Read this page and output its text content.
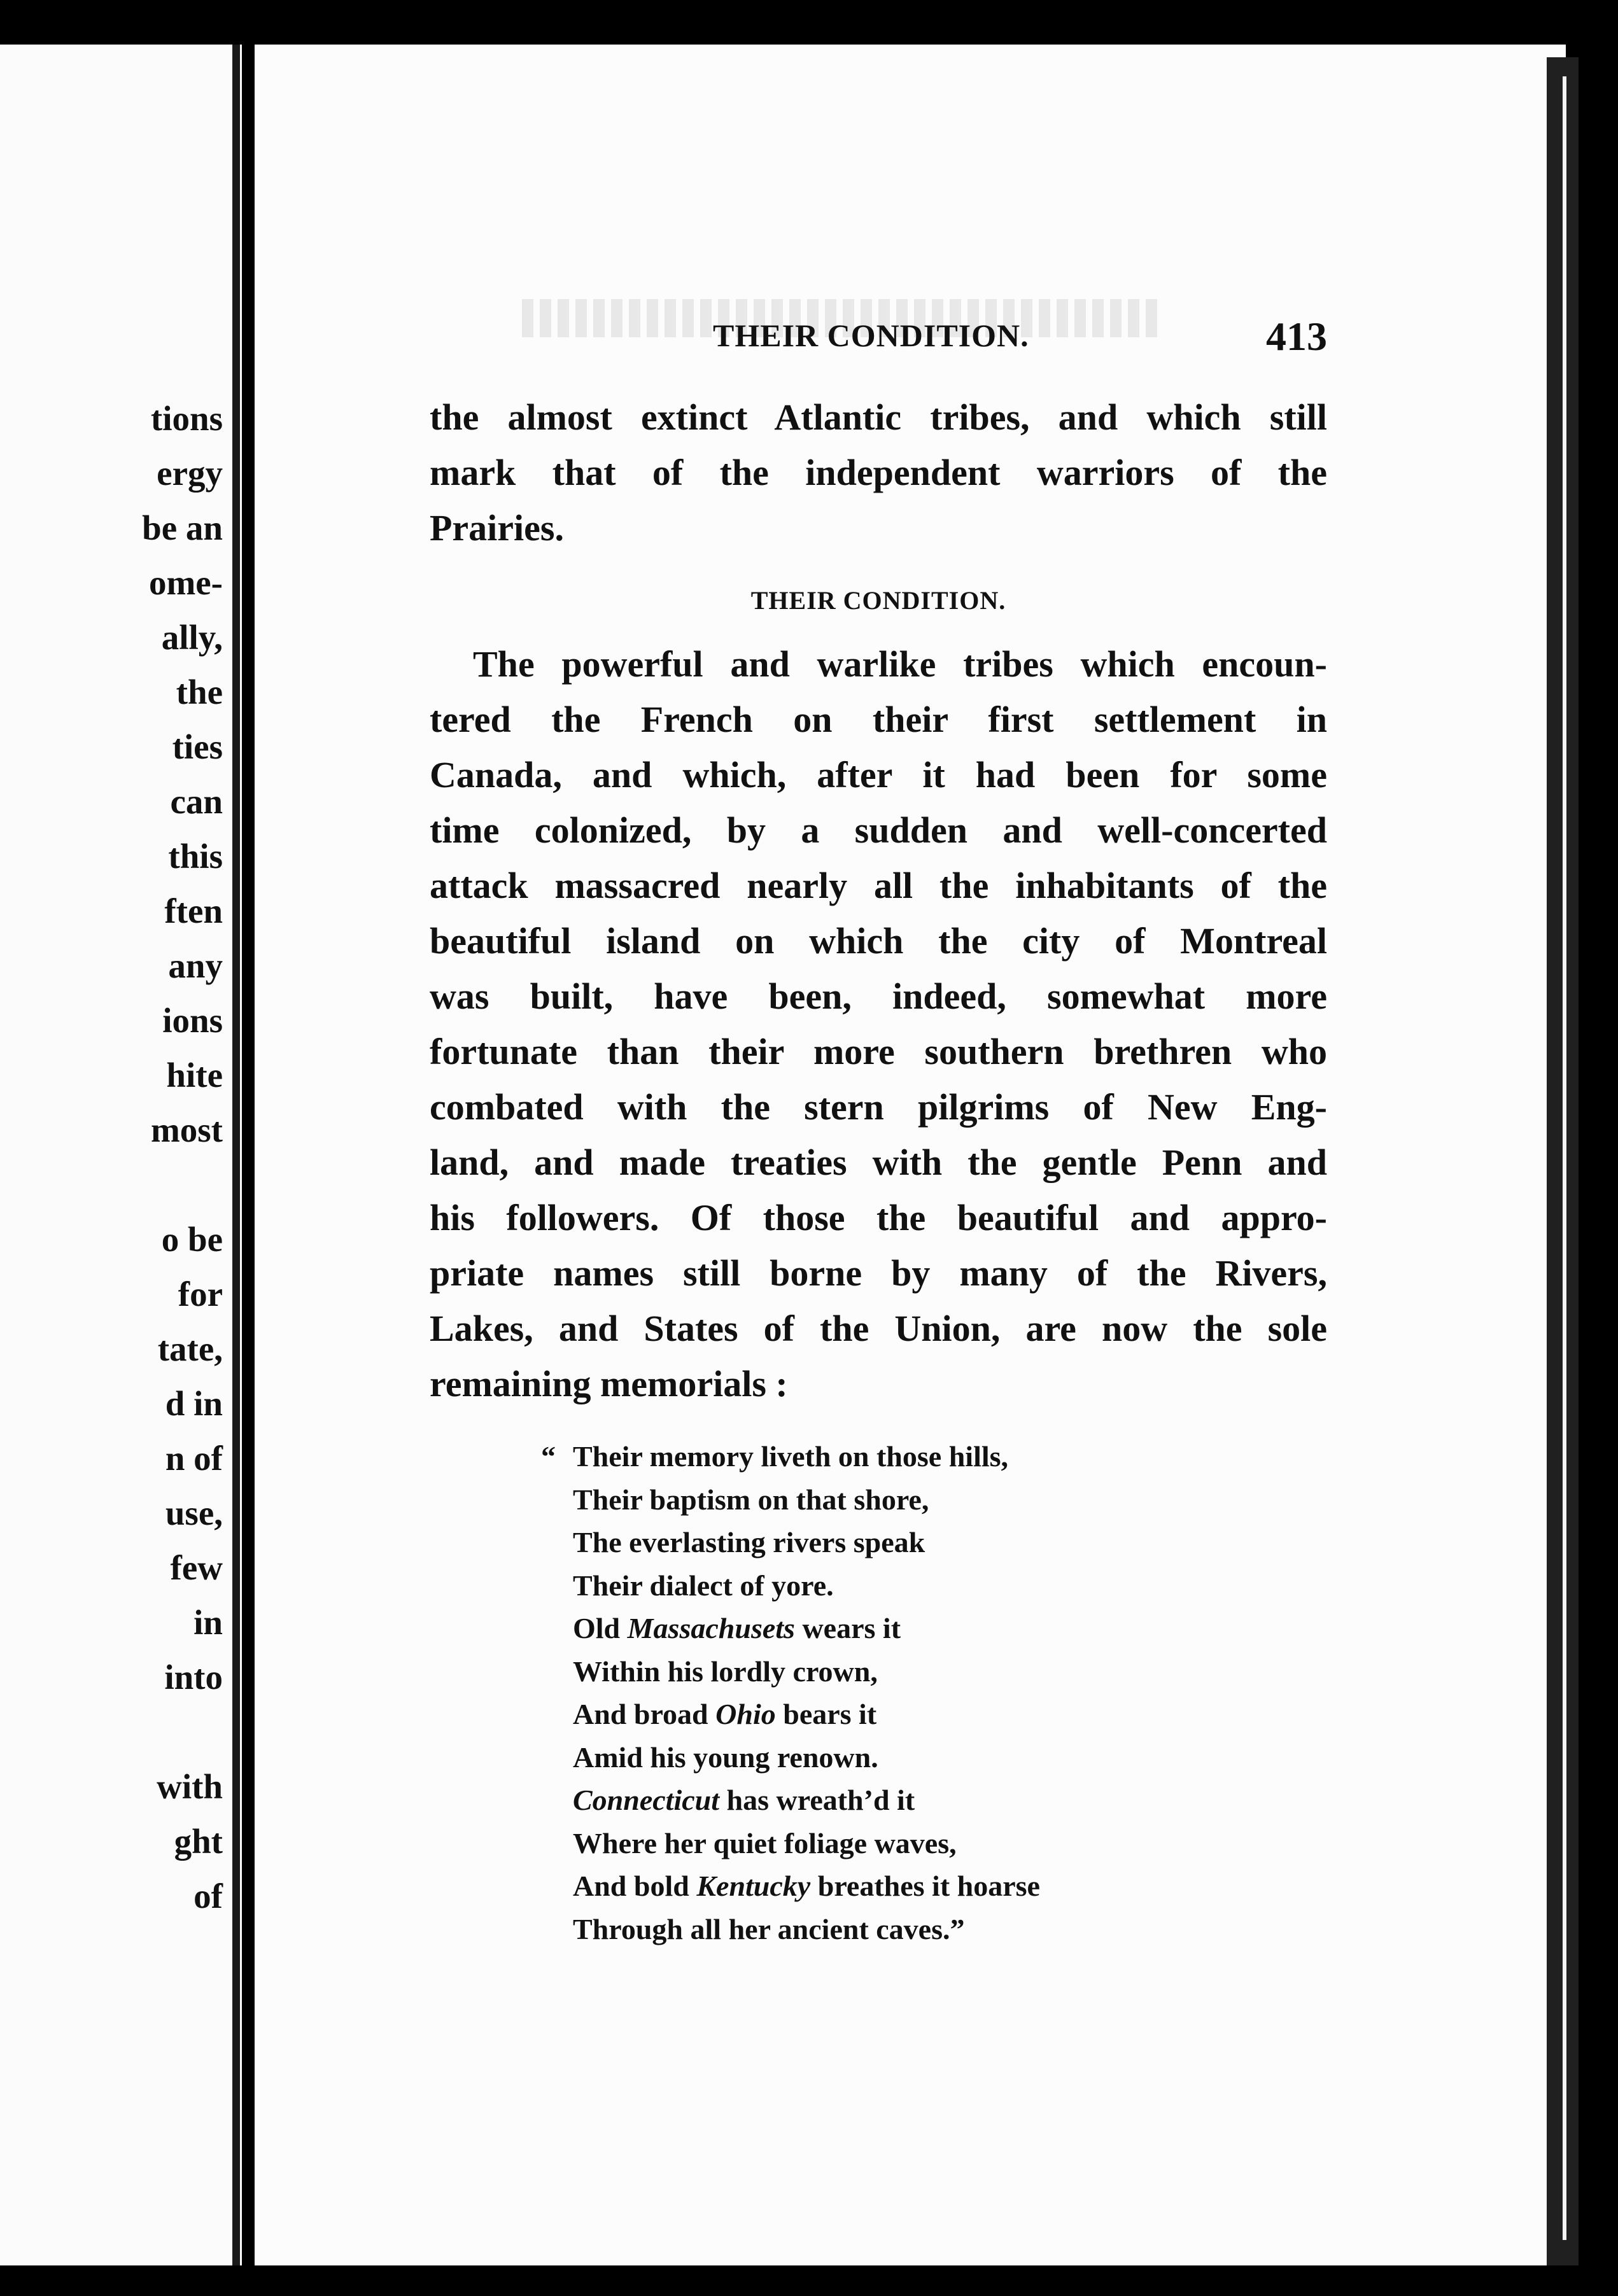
tions
ergy
be an
ome-
ally,
the
ties
can
this
ften
any
ions
hite
most
o be
for
tate,
d in
n of
use,
few
in
into
with
ght
of
THEIR CONDITION.	413
the almost extinct Atlantic tribes, and which still
mark that of the independent warriors of the
Prairies.
THEIR CONDITION.
The powerful and warlike tribes which encoun-
tered the French on their first settlement in
Canada, and which, after it had been for some
time colonized, by a sudden and well-concerted
attack massacred nearly all the inhabitants of the
beautiful island on which the city of Montreal
was built, have been, indeed, somewhat more
fortunate than their more southern brethren who
combated with the stern pilgrims of New Eng-
land, and made treaties with the gentle Penn and
his followers. Of those the beautiful and appro-
priate names still borne by many of the Rivers,
Lakes, and States of the Union, are now the sole
remaining memorials :
“ Their memory liveth on those hills,
Their baptism on that shore,
The everlasting rivers speak
Their dialect of yore.
Old Massachusets wears it
Within his lordly crown,
And broad Ohio bears it
Amid his young renown.
Connecticut has wreath’d it
Where her quiet foliage waves,
And bold Kentucky breathes it hoarse
Through all her ancient caves.”
